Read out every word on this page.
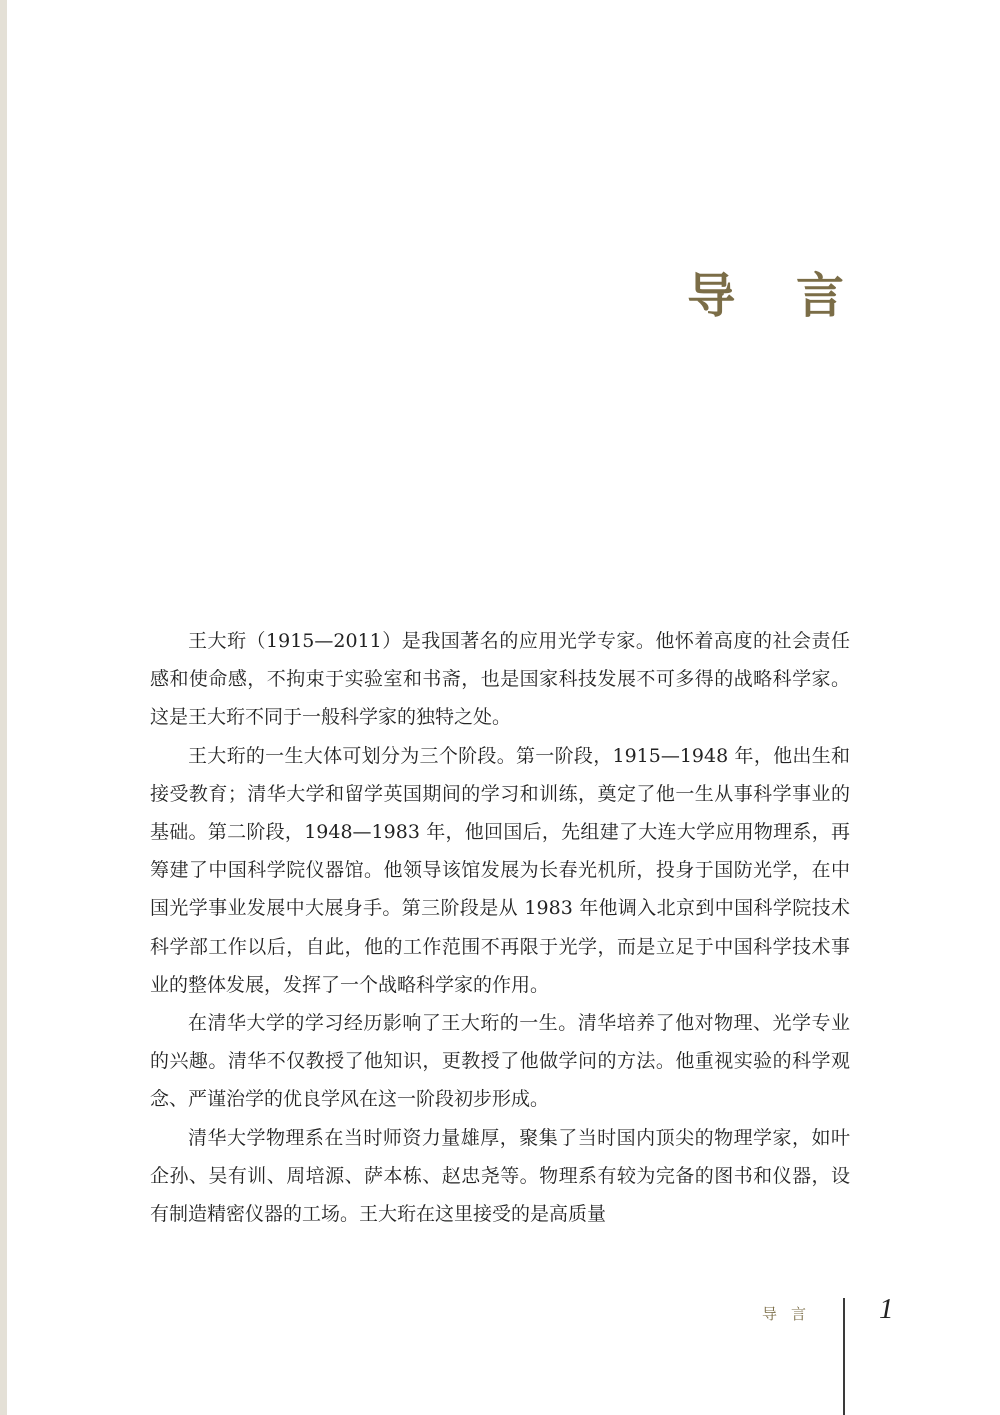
导 言

王大珩（1915—2011）是我国著名的应用光学专家。他怀着高度的社会责任感和使命感，不拘束于实验室和书斋，也是国家科技发展不可多得的战略科学家。这是王大珩不同于一般科学家的独特之处。

王大珩的一生大体可划分为三个阶段。第一阶段，1915—1948 年，他出生和接受教育；清华大学和留学英国期间的学习和训练，奠定了他一生从事科学事业的基础。第二阶段，1948—1983 年，他回国后，先组建了大连大学应用物理系，再筹建了中国科学院仪器馆。他领导该馆发展为长春光机所，投身于国防光学，在中国光学事业发展中大展身手。第三阶段是从 1983 年他调入北京到中国科学院技术科学部工作以后，自此，他的工作范围不再限于光学，而是立足于中国科学技术事业的整体发展，发挥了一个战略科学家的作用。

在清华大学的学习经历影响了王大珩的一生。清华培养了他对物理、光学专业的兴趣。清华不仅教授了他知识，更教授了他做学问的方法。他重视实验的科学观念、严谨治学的优良学风在这一阶段初步形成。

清华大学物理系在当时师资力量雄厚，聚集了当时国内顶尖的物理学家，如叶企孙、吴有训、周培源、萨本栋、赵忠尧等。物理系有较为完备的图书和仪器，设有制造精密仪器的工场。王大珩在这里接受的是高质量

导言 1
